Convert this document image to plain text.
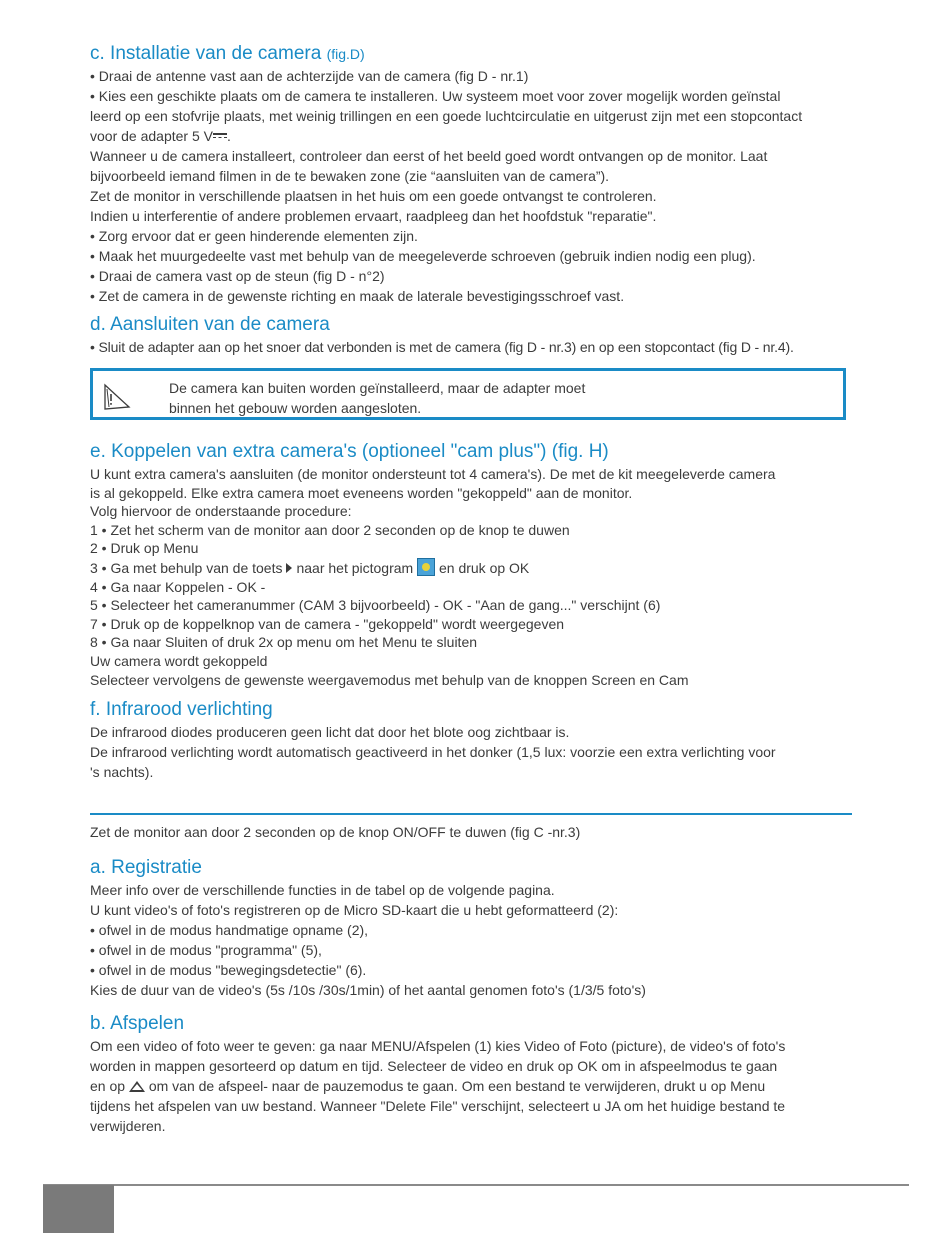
c. Installatie van de camera (fig.D)

• Draai de antenne vast aan de achterzijde van de camera (fig D - nr.1)

• Kies een geschikte plaats om de camera te installeren. Uw systeem moet voor zover mogelijk worden geïnstal

leerd op een stofvrije plaats, met weinig trillingen en een goede luchtcirculatie en uitgerust zijn met een stopcontact

voor de adapter 5 V .

Wanneer u de camera installeert, controleer dan eerst of het beeld goed wordt ontvangen op de monitor. Laat

bijvoorbeeld iemand filmen in de te bewaken zone (zie “aansluiten van de camera”).

Zet de monitor in verschillende plaatsen in het huis om een goede ontvangst te controleren.

Indien u interferentie of andere problemen ervaart, raadpleeg dan het hoofdstuk "reparatie".

• Zorg ervoor dat er geen hinderende elementen zijn.

• Maak het muurgedeelte vast met behulp van de meegeleverde schroeven (gebruik indien nodig een plug).

• Draai de camera vast op de steun (fig D - n°2)

• Zet de camera in de gewenste richting en maak de laterale bevestigingsschroef vast.

d. Aansluiten van de camera

• Sluit de adapter aan op het snoer dat verbonden is met de camera (fig D - nr.3) en op een stopcontact (fig D - nr.4).

De camera kan buiten worden geïnstalleerd, maar de adapter moet
binnen het gebouw worden aangesloten.
e. Koppelen van extra camera's (optioneel "cam plus") (fig. H)

U kunt extra camera's aansluiten (de monitor ondersteunt tot 4 camera's). De met de kit meegeleverde camera

is al gekoppeld. Elke extra camera moet eveneens worden "gekoppeld" aan de monitor.

Volg hiervoor de onderstaande procedure:

1 • Zet het scherm van de monitor aan door 2 seconden op de knop te duwen

2 • Druk op Menu

3 • Ga met behulp van de toets naar het pictogram en druk op OK

4 • Ga naar Koppelen - OK -

5 • Selecteer het cameranummer (CAM 3 bijvoorbeeld) - OK - "Aan de gang..." verschijnt (6)

7 • Druk op de koppelknop van de camera - "gekoppeld" wordt weergegeven

8 • Ga naar Sluiten of druk 2x op menu om het Menu te sluiten

Uw camera wordt gekoppeld

Selecteer vervolgens de gewenste weergavemodus met behulp van de knoppen Screen en Cam

f. Infrarood verlichting

De infrarood diodes produceren geen licht dat door het blote oog zichtbaar is.

De infrarood verlichting wordt automatisch geactiveerd in het donker (1,5 lux: voorzie een extra verlichting voor

's nachts).

Zet de monitor aan door 2 seconden op de knop ON/OFF te duwen (fig C -nr.3)

a. Registratie

Meer info over de verschillende functies in de tabel op de volgende pagina.

U kunt video's of foto's registreren op de Micro SD-kaart die u hebt geformatteerd (2):

• ofwel in de modus handmatige opname (2),

• ofwel in de modus "programma" (5),

• ofwel in de modus "bewegingsdetectie" (6).

Kies de duur van de video's (5s /10s /30s/1min) of het aantal genomen foto's (1/3/5 foto's)

b. Afspelen

Om een video of foto weer te geven: ga naar MENU/Afspelen (1) kies Video of Foto (picture), de video's of foto's

worden in mappen gesorteerd op datum en tijd. Selecteer de video en druk op OK om in afspeelmodus te gaan

en op om van de afspeel- naar de pauzemodus te gaan. Om een bestand te verwijderen, drukt u op Menu

tijdens het afspelen van uw bestand. Wanneer "Delete File" verschijnt, selecteert u JA om het huidige bestand te

verwijderen.
